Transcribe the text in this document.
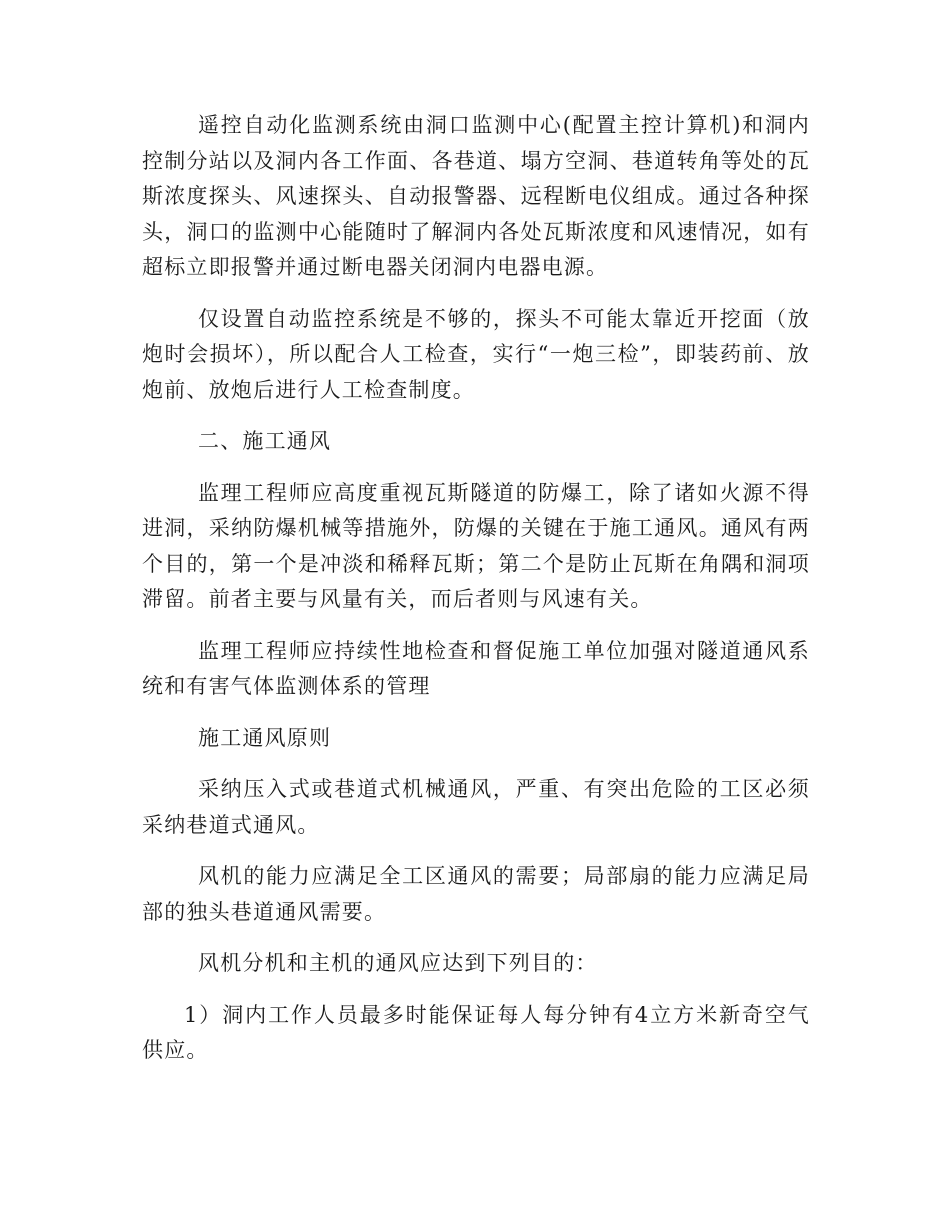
遥控自动化监测系统由洞口监测中心(配置主控计算机)和洞内控制分站以及洞内各工作面、各巷道、塌方空洞、巷道转角等处的瓦斯浓度探头、风速探头、自动报警器、远程断电仪组成。通过各种探头，洞口的监测中心能随时了解洞内各处瓦斯浓度和风速情况，如有超标立即报警并通过断电器关闭洞内电器电源。

仅设置自动监控系统是不够的，探头不可能太靠近开挖面（放炮时会损坏），所以配合人工检查，实行“一炮三检”，即装药前、放炮前、放炮后进行人工检查制度。

二、施工通风

监理工程师应高度重视瓦斯隧道的防爆工，除了诸如火源不得进洞，采纳防爆机械等措施外，防爆的关键在于施工通风。通风有两个目的，第一个是冲淡和稀释瓦斯；第二个是防止瓦斯在角隅和洞项滞留。前者主要与风量有关，而后者则与风速有关。

监理工程师应持续性地检查和督促施工单位加强对隧道通风系统和有害气体监测体系的管理

施工通风原则

采纳压入式或巷道式机械通风，严重、有突出危险的工区必须采纳巷道式通风。

风机的能力应满足全工区通风的需要；局部扇的能力应满足局部的独头巷道通风需要。

风机分机和主机的通风应达到下列目的：

1）洞内工作人员最多时能保证每人每分钟有4立方米新奇空气供应。
